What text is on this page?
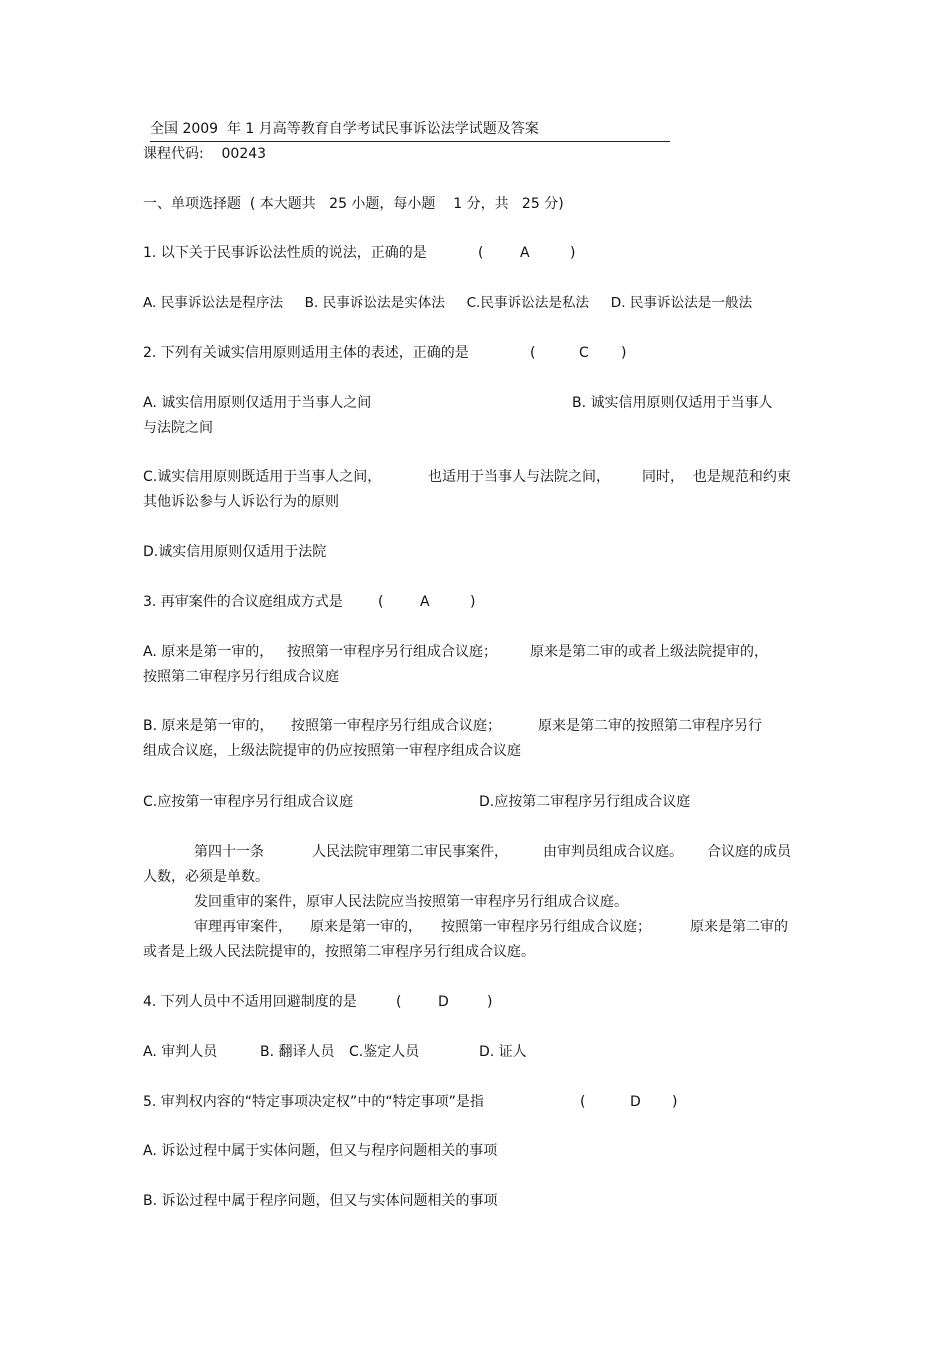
全国 2009  年 1 月高等教育自学考试民事诉讼法学试题及答案
课程代码:    00243
一、单项选择题  ( 本大题共   25 小题，每小题    1 分，共   25 分)
1. 以下关于民事诉讼法性质的说法，正确的是	(	A	)
A. 民事诉讼法是程序法     B. 民事诉讼法是实体法     C.民事诉讼法是私法     D. 民事诉讼法是一般法
2. 下列有关诚实信用原则适用主体的表述，正确的是	(	C )
A. 诚实信用原则仅适用于当事人之间	B. 诚实信用原则仅适用于当事人
与法院之间
C.诚实信用原则既适用于当事人之间，	也适用于当事人与法院之间， 同时，  也是规范和约束
其他诉讼参与人诉讼行为的原则
D.诚实信用原则仅适用于法院
3. 再审案件的合议庭组成方式是	(	A	)
A. 原来是第一审的， 按照第一审程序另行组成合议庭； 原来是第二审的或者上级法院提审的，
按照第二审程序另行组成合议庭
B. 原来是第一审的， 按照第一审程序另行组成合议庭；	原来是第二审的按照第二审程序另行
组成合议庭，上级法院提审的仍应按照第一审程序组成合议庭
C.应按第一审程序另行组成合议庭	D.应按第二审程序另行组成合议庭
第四十一条	人民法院审理第二审民事案件，	由审判员组成合议庭。 合议庭的成员
人数，必须是单数。
发回重审的案件，原审人民法院应当按照第一审程序另行组成合议庭。
审理再审案件， 原来是第一审的， 按照第一审程序另行组成合议庭；	原来是第二审的
或者是上级人民法院提审的，按照第二审程序另行组成合议庭。
4. 下列人员中不适用回避制度的是	(	D	)
A. 审判人员	B. 翻译人员 C.鉴定人员	D. 证人
5. 审判权内容的“特定事项决定权”中的“特定事项”是指	(	D )
A. 诉讼过程中属于实体问题，但又与程序问题相关的事项
B. 诉讼过程中属于程序问题，但又与实体问题相关的事项
